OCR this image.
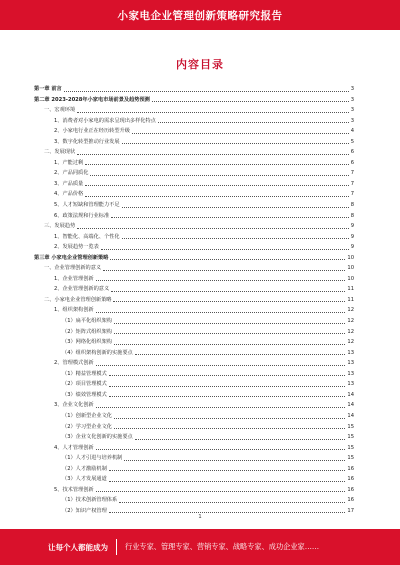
小家电企业管理创新策略研究报告
内容目录
第一章 前言	3
第二章 2023-2028年小家电市场前景及趋势预测	3
一、宏观环境	3
1、消费者对小家电的需求呈现出多样化特点	3
2、小家电行业正在经历转型升级	4
3、数字化转型推动行业发展	5
二、发展现状	6
1、产能过剩	6
2、产品同质化	7
3、产品质量	7
4、产品价格	7
5、人才短缺和管理能力不足	8
6、政策法规和行业标准	8
三、发展趋势	9
1、智能化、高端化、个性化	9
2、发展趋势一览表	9
第三章 小家电企业管理创新策略	10
一、企业管理创新的意义	10
1、企业管理创新	10
2、企业管理创新的意义	11
二、小家电企业管理创新策略	11
1、组织架构创新	12
（1）扁平化组织架构	12
（2）矩阵式组织架构	12
（3）网络化组织架构	12
（4）组织架构创新的实施要点	13
2、管理模式创新	13
（1）精益管理模式	13
（2）项目管理模式	13
（3）绩效管理模式	14
3、企业文化创新	14
（1）创新型企业文化	14
（2）学习型企业文化	15
（3）企业文化创新的实施要点	15
4、人才管理创新	15
（1）人才引进与培养机制	15
（2）人才激励机制	16
（3）人才发展通道	16
5、技术管理创新	16
（1）技术创新管理体系	16
（2）知识产权管理	17
1
让每个人都能成为 行业专家、管理专家、营销专家、战略专家、成功企业家……
